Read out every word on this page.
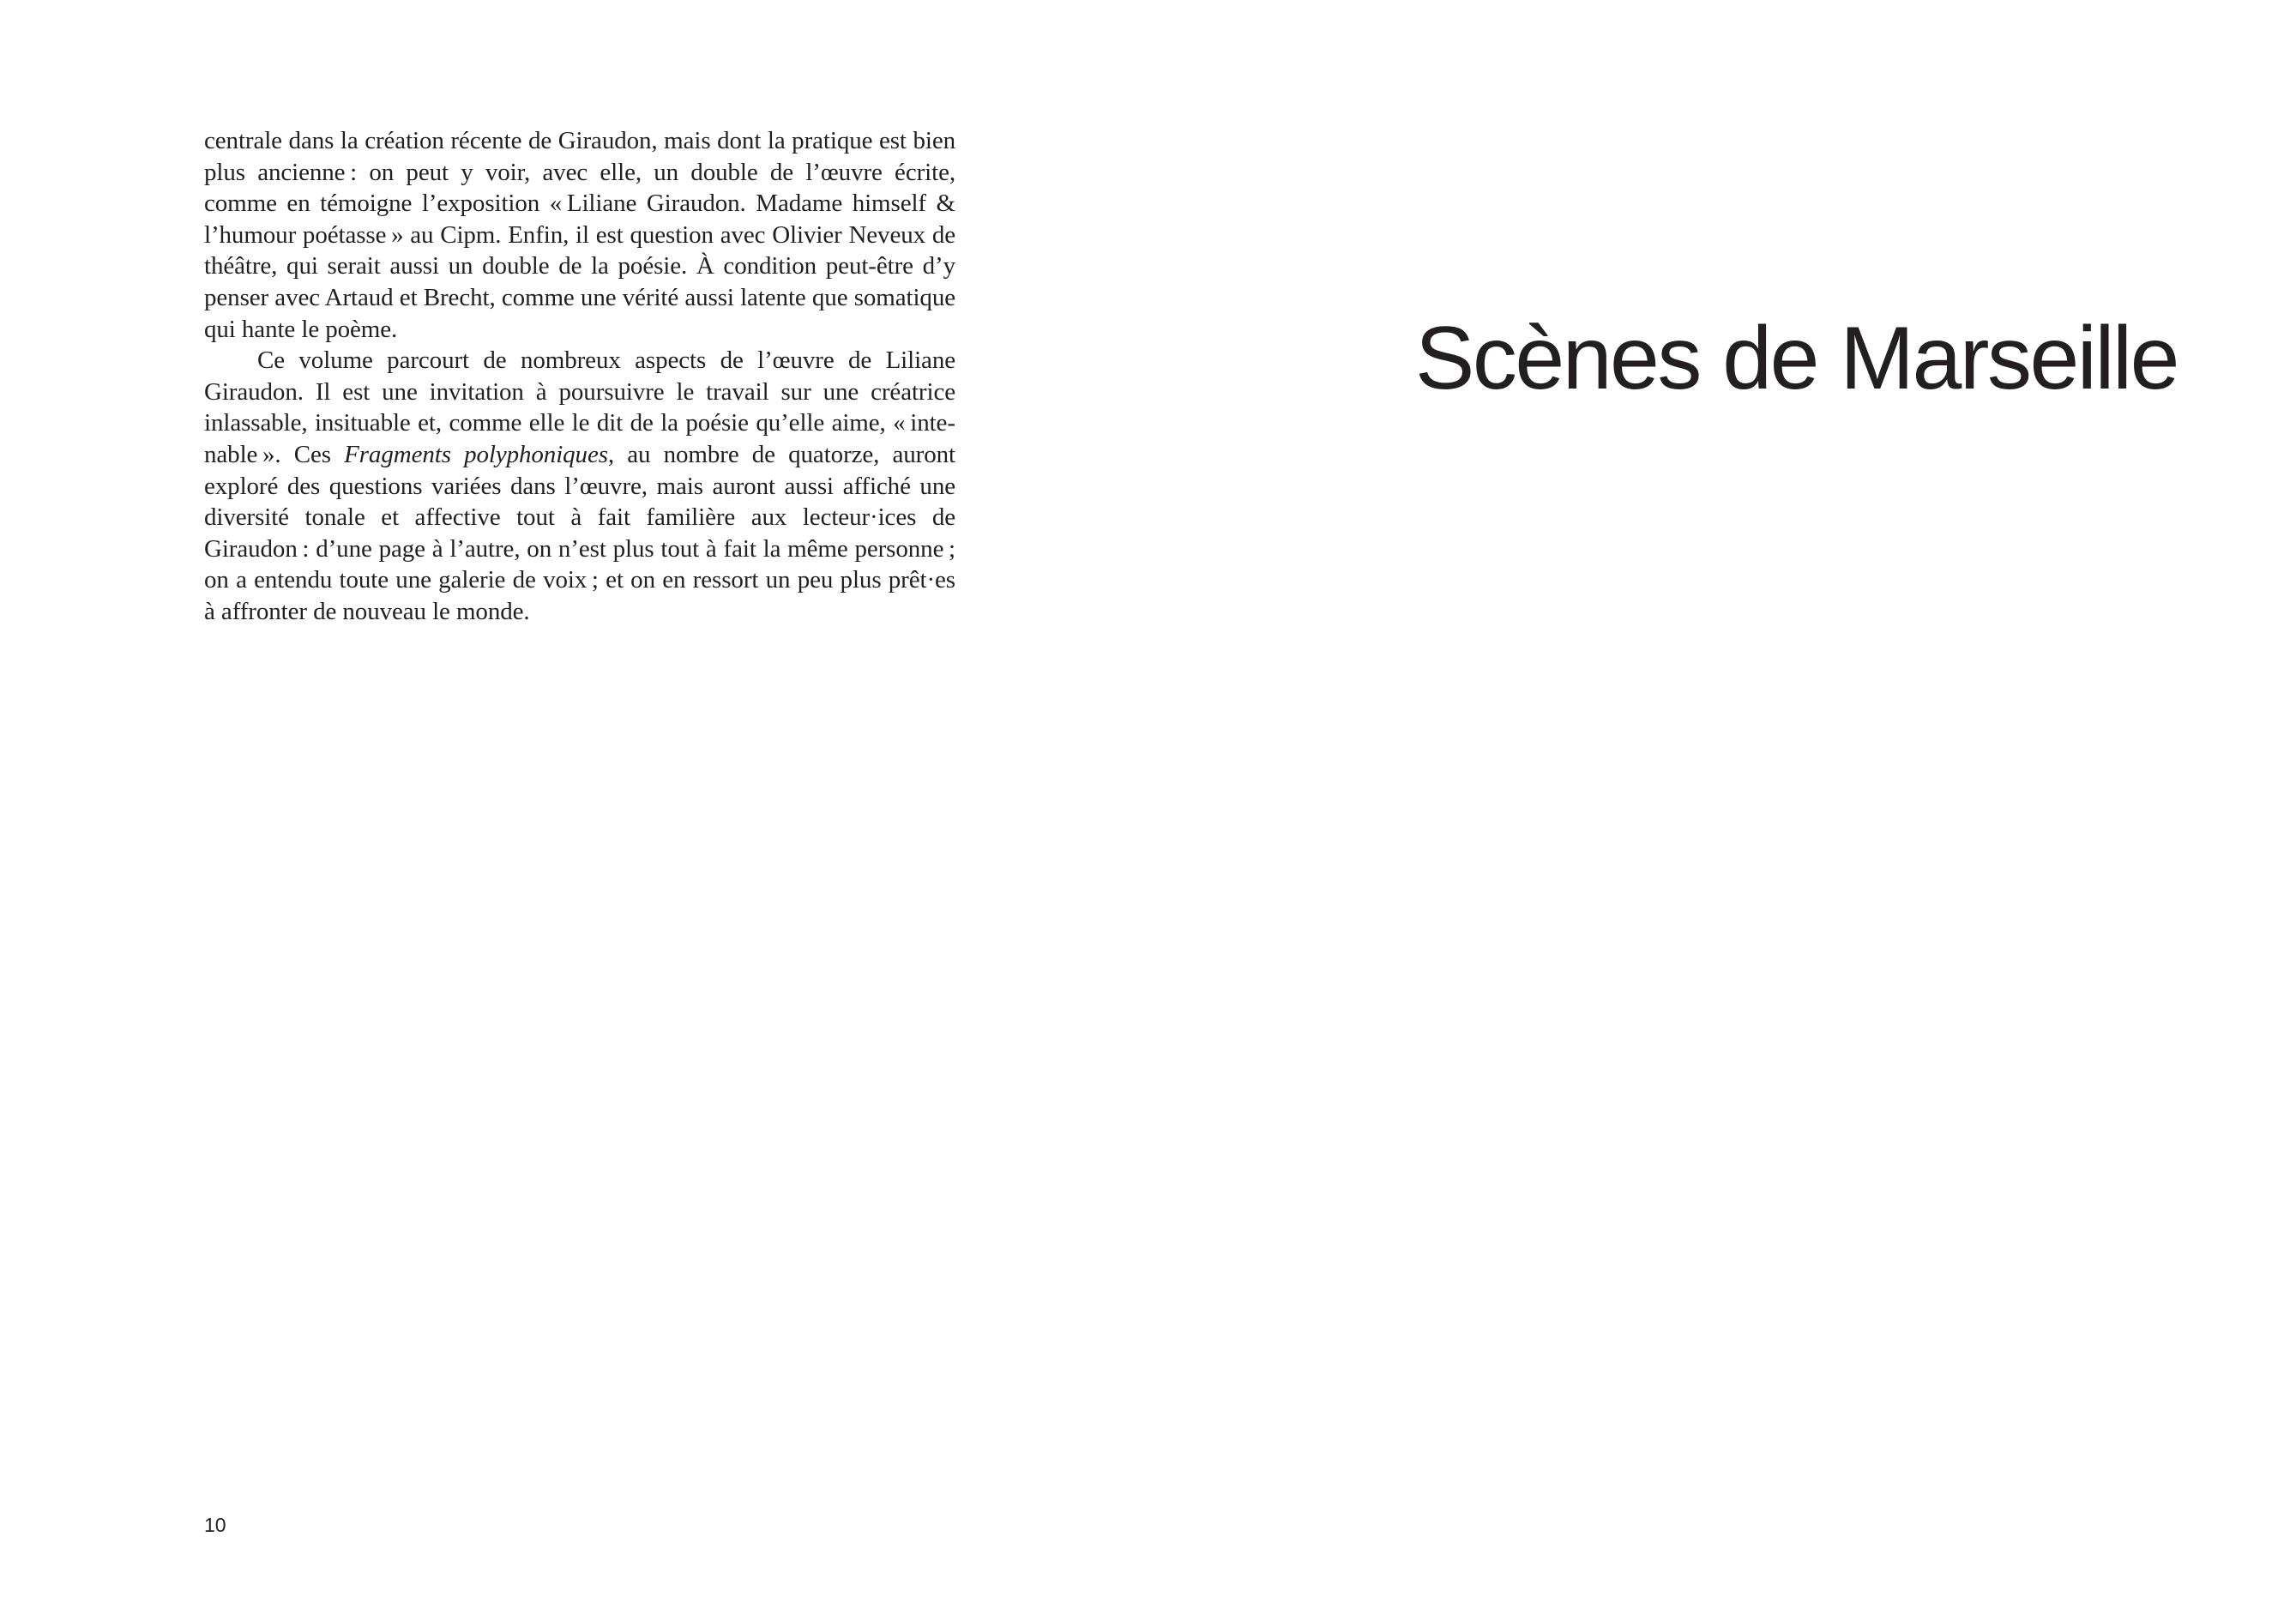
centrale dans la création récente de Giraudon, mais dont la pratique est bien plus ancienne : on peut y voir, avec elle, un double de l’œuvre écrite, comme en témoigne l’exposition « Liliane Giraudon. Madame himself & l’humour poétasse » au Cipm. Enfin, il est question avec Olivier Neveux de théâtre, qui serait aussi un double de la poésie. À condition peut-être d’y penser avec Artaud et Brecht, comme une vérité aussi latente que somatique qui hante le poème.

Ce volume parcourt de nombreux aspects de l’œuvre de Liliane Giraudon. Il est une invitation à poursuivre le travail sur une créatrice inlassable, insituable et, comme elle le dit de la poésie qu’elle aime, « intenable ». Ces Fragments polyphoniques, au nombre de quatorze, auront exploré des questions variées dans l’œuvre, mais auront aussi affiché une diversité tonale et affective tout à fait familière aux lecteur·ices de Giraudon : d’une page à l’autre, on n’est plus tout à fait la même personne ; on a entendu toute une galerie de voix ; et on en ressort un peu plus prêt·es à affronter de nouveau le monde.

10
Scènes de Marseille
